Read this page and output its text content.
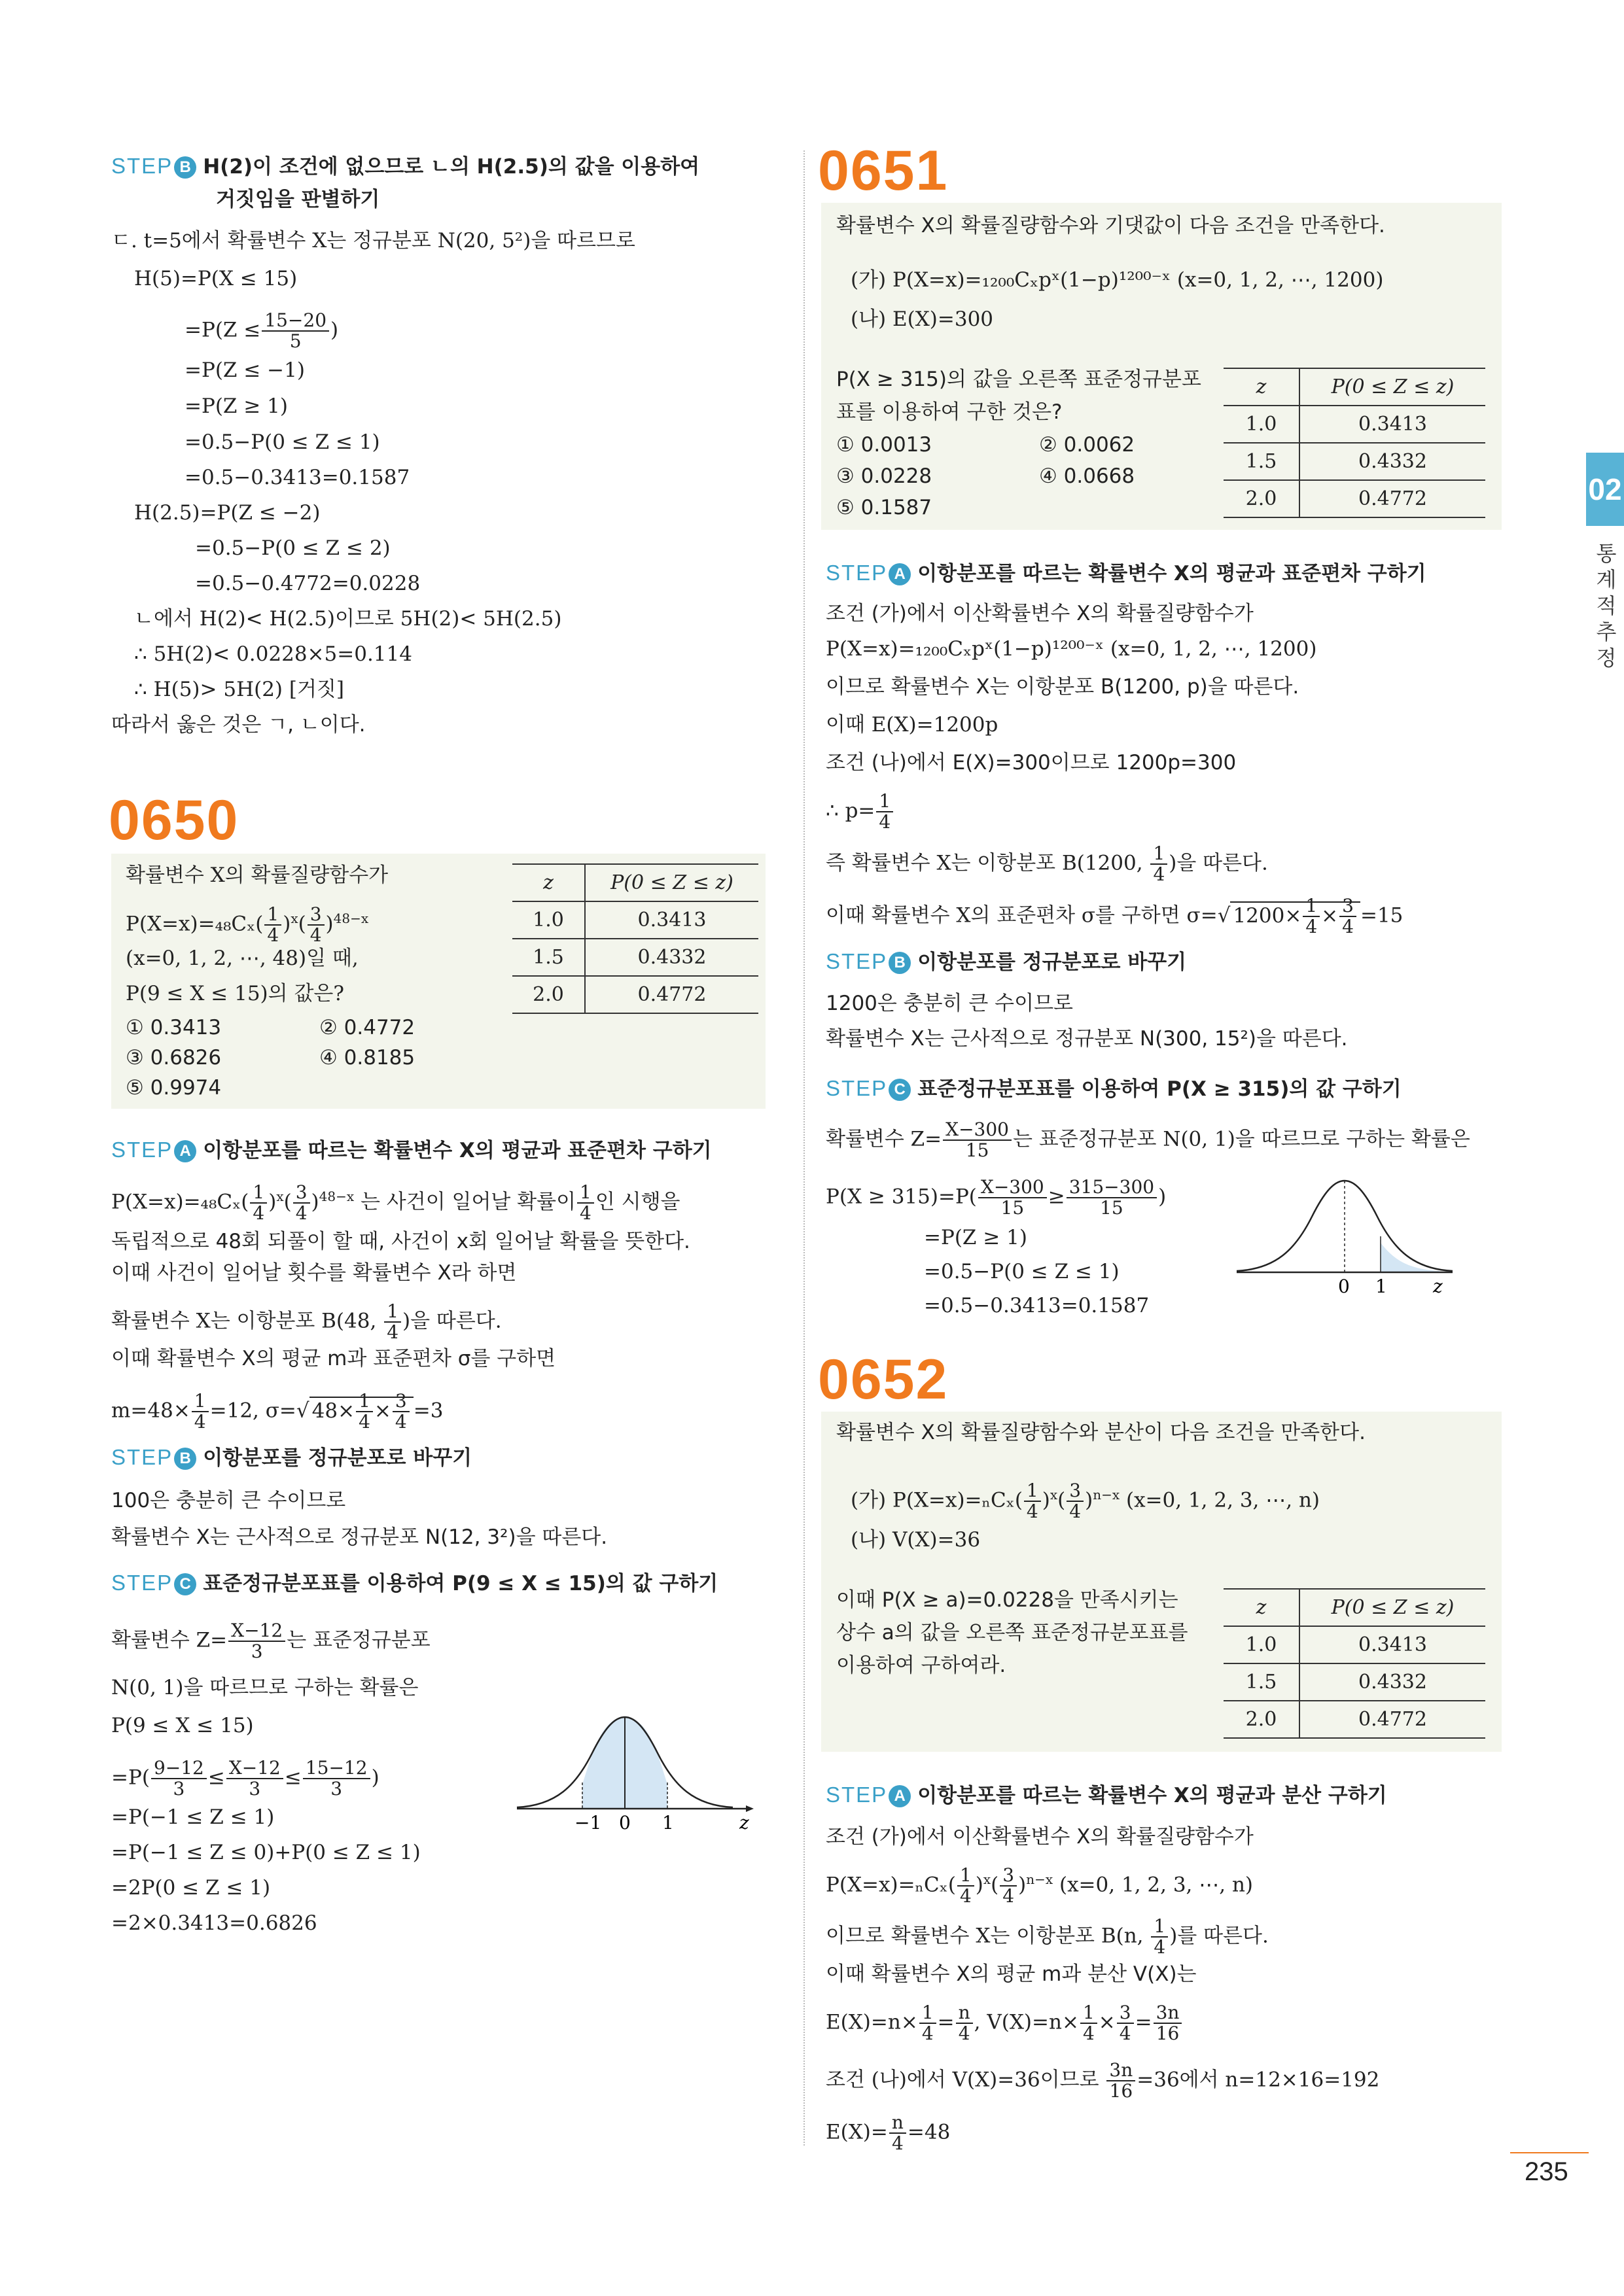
02
통계적추정
STEP B H(2)이 조건에 없으므로 ㄴ의 H(2.5)의 값을 이용하여
거짓임을 판별하기
ㄷ. t=5에서 확률변수 X는 정규분포 N(20, 5²)을 따르므로
H(5)=P(X ≤ 15)
$=P(Z \le \frac{15-20}{5}$ )
=P(Z ≤ −1)
=P(Z ≥ 1)
=0.5−P(0 ≤ Z ≤ 1)
=0.5−0.3413=0.1587
H(2.5)=P(Z ≤ −2)
=0.5−P(0 ≤ Z ≤ 2)
=0.5−0.4772=0.0228
ㄴ에서 H(2)< H(2.5)이므로 5H(2)< 5H(2.5)
∴ 5H(2)< 0.0228×5=0.114
∴ H(5)> 5H(2) [거짓]
따라서 옳은 것은 ㄱ, ㄴ이다.
0650
확률변수 X의 확률질량함수가
$P(X=x)=_{48}C_x( \frac{1}{4} )^x( \frac{3}{4} )^{48-x}$
(x=0, 1, 2, ⋯, 48)일 때,
P(9 ≤ X ≤ 15)의 값은?
① 0.3413	② 0.4772
③ 0.6826	④ 0.8185
⑤ 0.9974
z	P(0 ≤ Z ≤ z)
1.0	0.3413
1.5	0.4332
2.0	0.4772
STEP A 이항분포를 따르는 확률변수 X의 평균과 표준편차 구하기
$P(X=x)=_{48}C_x( \frac{1}{4} )^x( \frac{3}{4} )^{48-x}$ 는 사건이 일어날 확률이 $\frac{1}{4}$ 인 시행을
독립적으로 48회 되풀이 할 때, 사건이 x회 일어날 확률을 뜻한다.
이때 사건이 일어날 횟수를 확률변수 X라 하면
확률변수 X는 이항분포 B(48, $\frac{1}{4}$ )을 따른다.
이때 확률변수 X의 평균 m과 표준편차 σ를 구하면
$m=48\times \frac{1}{4} =12$, σ=√ $48\times \frac{1}{4} \times \frac{3}{4} =3$
STEP B 이항분포를 정규분포로 바꾸기
100은 충분히 큰 수이므로
확률변수 X는 근사적으로 정규분포 N(12, 3²)을 따른다.
STEP C 표준정규분포표를 이용하여 P(9 ≤ X ≤ 15)의 값 구하기
확률변수 $Z= \frac{X-12}{3}$ 는 표준정규분포
N(0, 1)을 따르므로 구하는 확률은
P(9 ≤ X ≤ 15)
$=P( \frac{9-12}{3} \le \frac{X-12}{3} \le \frac{15-12}{3}$ )
=P(−1 ≤ Z ≤ 1)
=P(−1 ≤ Z ≤ 0)+P(0 ≤ Z ≤ 1)
=2P(0 ≤ Z ≤ 1)
=2×0.3413=0.6826
−1 0 1	z
0651
확률변수 X의 확률질량함수와 기댓값이 다음 조건을 만족한다.
(가) P(X=x)=₁₂₀₀Cₓpˣ(1−p)¹²⁰⁰⁻ˣ (x=0, 1, 2, ⋯, 1200)
(나) E(X)=300
P(X ≥ 315)의 값을 오른쪽 표준정규분포
표를 이용하여 구한 것은?
① 0.0013	② 0.0062
③ 0.0228	④ 0.0668
⑤ 0.1587
z	P(0 ≤ Z ≤ z)
1.0	0.3413
1.5	0.4332
2.0	0.4772
STEP A 이항분포를 따르는 확률변수 X의 평균과 표준편차 구하기
조건 (가)에서 이산확률변수 X의 확률질량함수가
P(X=x)=₁₂₀₀Cₓpˣ(1−p)¹²⁰⁰⁻ˣ (x=0, 1, 2, ⋯, 1200)
이므로 확률변수 X는 이항분포 B(1200, p)을 따른다.
이때 E(X)=1200p
조건 (나)에서 E(X)=300이므로 1200p=300
∴ $p= \frac{1}{4}$
즉 확률변수 X는 이항분포 B(1200, $\frac{1}{4}$ )을 따른다.
이때 확률변수 X의 표준편차 σ를 구하면 σ=√ $1200\times \frac{1}{4} \times \frac{3}{4} =15$
STEP B 이항분포를 정규분포로 바꾸기
1200은 충분히 큰 수이므로
확률변수 X는 근사적으로 정규분포 N(300, 15²)을 따른다.
STEP C 표준정규분포표를 이용하여 P(X ≥ 315)의 값 구하기
확률변수 $Z= \frac{X-300}{15}$ 는 표준정규분포 N(0, 1)을 따르므로 구하는 확률은
$P(X \ge 315)=P( \frac{X-300}{15} \ge \frac{315-300}{15}$ )
=P(Z ≥ 1)
=0.5−P(0 ≤ Z ≤ 1)
=0.5−0.3413=0.1587
0 1	z
0652
확률변수 X의 확률질량함수와 분산이 다음 조건을 만족한다.
(가) $P(X=x)=_nC_x( \frac{1}{4} )^x( \frac{3}{4} )^{n-x}$ (x=0, 1, 2, 3, ⋯, n)
(나) V(X)=36
이때 P(X ≥ a)=0.0228을 만족시키는
상수 a의 값을 오른쪽 표준정규분포표를
이용하여 구하여라.
z	P(0 ≤ Z ≤ z)
1.0	0.3413
1.5	0.4332
2.0	0.4772
STEP A 이항분포를 따르는 확률변수 X의 평균과 분산 구하기
조건 (가)에서 이산확률변수 X의 확률질량함수가
$P(X=x)=_nC_x( \frac{1}{4} )^x( \frac{3}{4} )^{n-x}$ (x=0, 1, 2, 3, ⋯, n)
이므로 확률변수 X는 이항분포 B(n, $\frac{1}{4}$ )를 따른다.
이때 확률변수 X의 평균 m과 분산 V(X)는
$E(X)=n\times \frac{1}{4} = \frac{n}{4}$ , $V(X)=n\times \frac{1}{4} \times \frac{3}{4} = \frac{3n}{16}$
조건 (나)에서 V(X)=36이므로 $\frac{3n}{16} =36$에서 n=12×16=192
$E(X)= \frac{n}{4} =48$
235
